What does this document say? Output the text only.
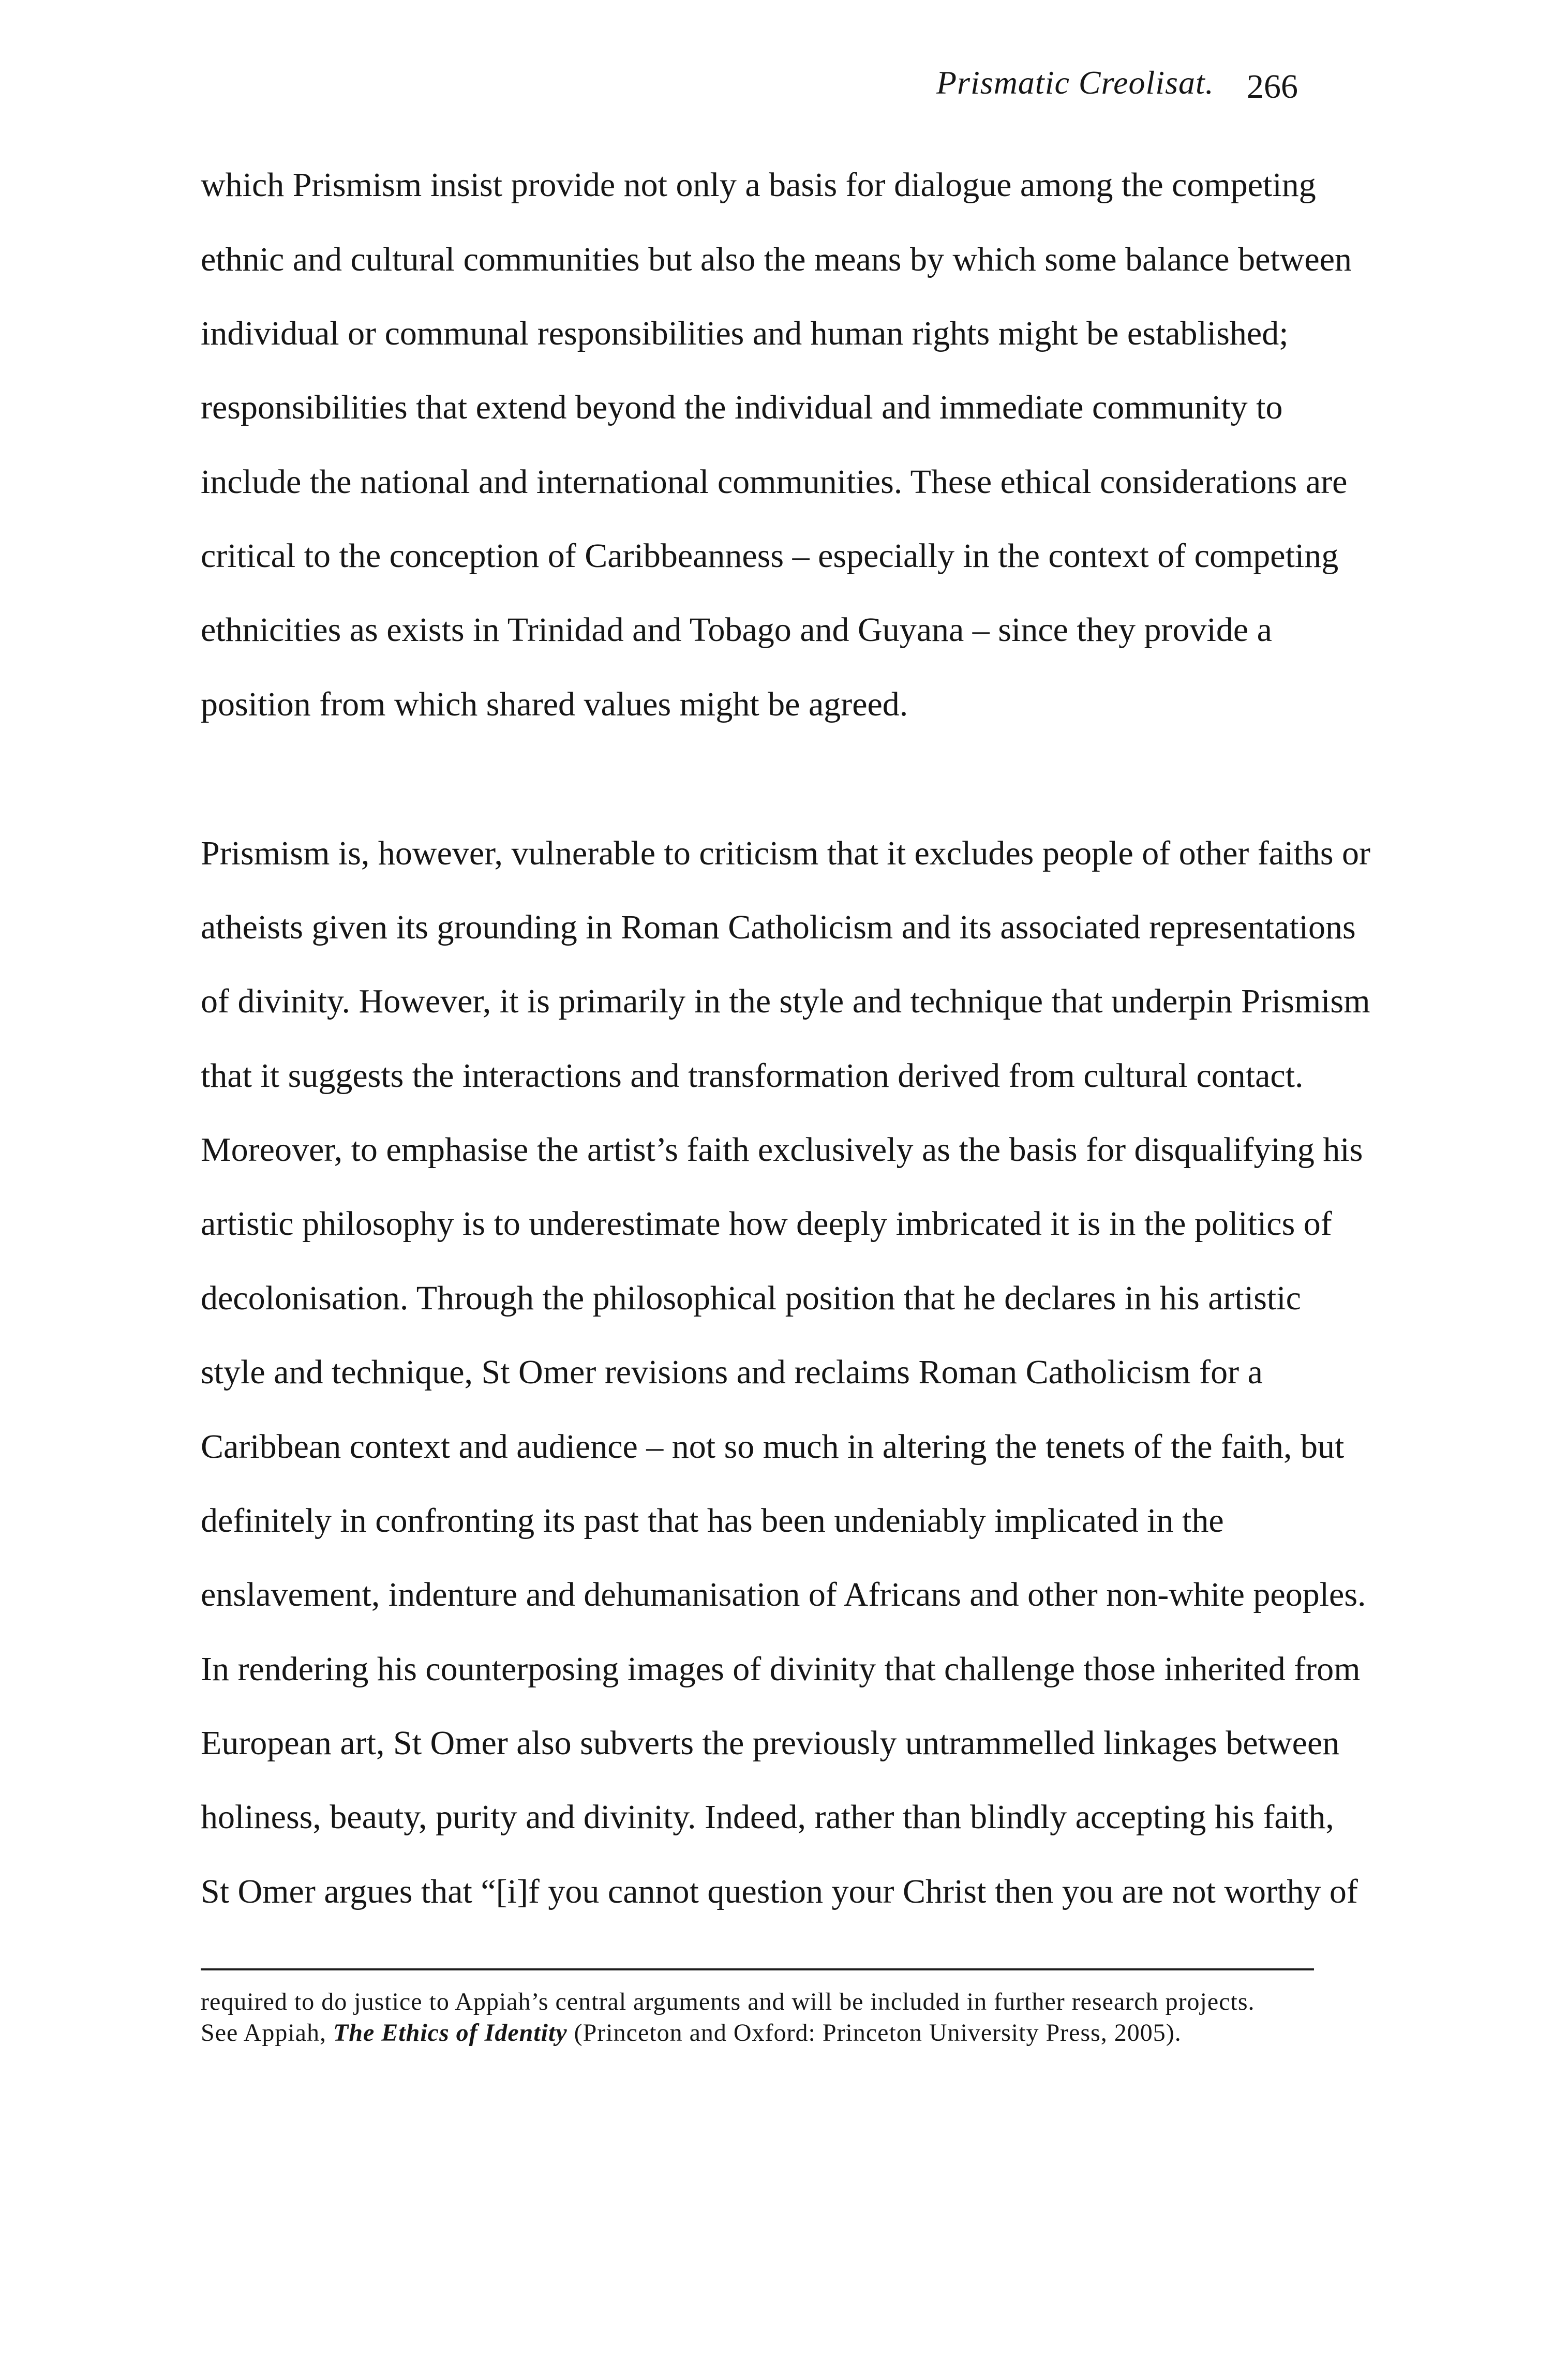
Prismatic Creolisat. 266
which Prismism insist provide not only a basis for dialogue among the competing
ethnic and cultural communities but also the means by which some balance between
individual or communal responsibilities and human rights might be established;
responsibilities that extend beyond the individual and immediate community to
include the national and international communities. These ethical considerations are
critical to the conception of Caribbeanness – especially in the context of competing
ethnicities as exists in Trinidad and Tobago and Guyana – since they provide a
position from which shared values might be agreed.
Prismism is, however, vulnerable to criticism that it excludes people of other faiths or
atheists given its grounding in Roman Catholicism and its associated representations
of divinity. However, it is primarily in the style and technique that underpin Prismism
that it suggests the interactions and transformation derived from cultural contact.
Moreover, to emphasise the artist’s faith exclusively as the basis for disqualifying his
artistic philosophy is to underestimate how deeply imbricated it is in the politics of
decolonisation. Through the philosophical position that he declares in his artistic
style and technique, St Omer revisions and reclaims Roman Catholicism for a
Caribbean context and audience – not so much in altering the tenets of the faith, but
definitely in confronting its past that has been undeniably implicated in the
enslavement, indenture and dehumanisation of Africans and other non-white peoples.
In rendering his counterposing images of divinity that challenge those inherited from
European art, St Omer also subverts the previously untrammelled linkages between
holiness, beauty, purity and divinity. Indeed, rather than blindly accepting his faith,
St Omer argues that “[i]f you cannot question your Christ then you are not worthy of
required to do justice to Appiah’s central arguments and will be included in further research projects.
See Appiah, The Ethics of Identity (Princeton and Oxford: Princeton University Press, 2005).
